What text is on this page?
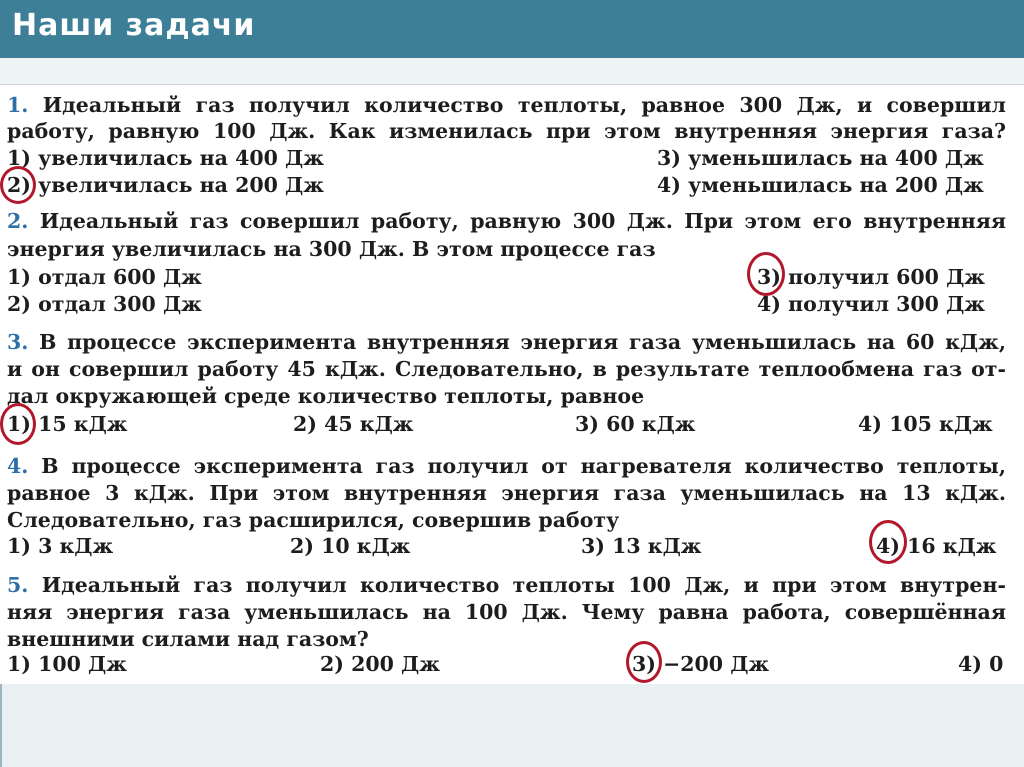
Наши задачи
1. Идеальный газ получил количество теплоты, равное 300 Дж, и совершил
работу, равную 100 Дж. Как изменилась при этом внутренняя энергия газа?
1) увеличилась на 400 Дж
2) увеличилась на 200 Дж
3) уменьшилась на 400 Дж
4) уменьшилась на 200 Дж
2. Идеальный газ совершил работу, равную 300 Дж. При этом его внутренняя
энергия увеличилась на 300 Дж. В этом процессе газ
1) отдал 600 Дж
2) отдал 300 Дж
3) получил 600 Дж
4) получил 300 Дж
3. В процессе эксперимента внутренняя энергия газа уменьшилась на 60 кДж,
и он совершил работу 45 кДж. Следовательно, в результате теплообмена газ от-
дал окружающей среде количество теплоты, равное
1) 15 кДж	2) 45 кДж	3) 60 кДж	4) 105 кДж
4. В процессе эксперимента газ получил от нагревателя количество теплоты,
равное 3 кДж. При этом внутренняя энергия газа уменьшилась на 13 кДж.
Следовательно, газ расширился, совершив работу
1) 3 кДж	2) 10 кДж	3) 13 кДж	4) 16 кДж
5. Идеальный газ получил количество теплоты 100 Дж, и при этом внутрен-
няя энергия газа уменьшилась на 100 Дж. Чему равна работа, совершённая
внешними силами над газом?
1) 100 Дж	2) 200 Дж	3) −200 Дж	4) 0
